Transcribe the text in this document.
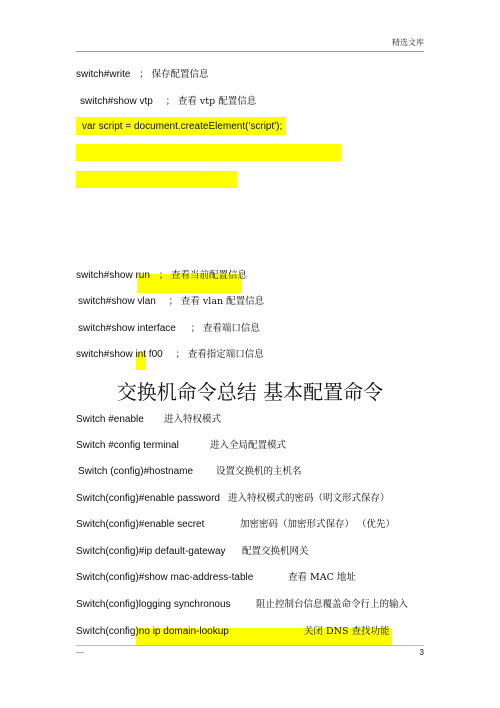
精选文库
switch#write ； 保存配置信息
switch#show vtp ； 查看 vtp 配置信息
var script = document.createElement('script');
switch#show run ； 查看当前配置信息
switch#show vlan ； 查看 vlan 配置信息
switch#show interface ； 查看端口信息
switch#show int f00 ； 查看指定端口信息
交换机命令总结 基本配置命令
Switch #enable 进入特权模式
Switch #config terminal	进入全局配置模式
Switch (config)#hostname 设置交换机的主机名
Switch(config)#enable password 进入特权模式的密码（明文形式保存）
Switch(config)#enable secret	加密密码（加密形式保存） （优先）
Switch(config)#ip default-gateway 配置交换机网关
Switch(config)#show mac-address-table	查看 MAC 地址
Switch(config)logging synchronous	阻止控制台信息覆盖命令行上的输入
Switch(config)no ip domain-lookup	关闭 DNS 查找功能
—	3
